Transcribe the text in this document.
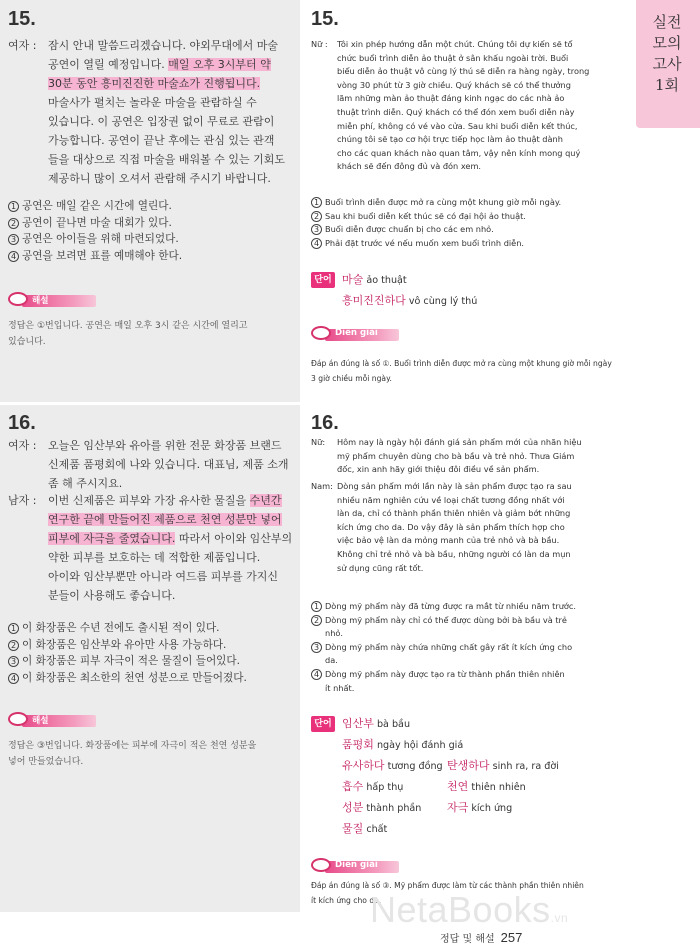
실전
모의
고사
1회
15.
여자 : 잠시 안내 말씀드리겠습니다. 야외무대에서 마술
공연이 열릴 예정입니다. 매일 오후 3시부터 약
30분 동안 흥미진진한 마술쇼가 진행됩니다.
마술사가 펼치는 놀라운 마술을 관람하실 수
있습니다. 이 공연은 입장권 없이 무료로 관람이
가능합니다. 공연이 끝난 후에는 관심 있는 관객
들을 대상으로 직접 마술을 배워볼 수 있는 기회도
제공하니 많이 오셔서 관람해 주시기 바랍니다.
1 공연은 매일 같은 시간에 열린다.
2 공연이 끝나면 마술 대회가 있다.
3 공연은 아이들을 위해 마련되었다.
4 공연을 보려면 표를 예매해야 한다.
해설
정답은 ①번입니다. 공연은 매일 오후 3시 같은 시간에 열리고
있습니다.
15.
Nữ : Tôi xin phép hướng dẫn một chút. Chúng tôi dự kiến sẽ tổ
chức buổi trình diễn ảo thuật ở sân khấu ngoài trời. Buổi
biểu diễn ảo thuật vô cùng lý thú sẽ diễn ra hàng ngày, trong
vòng 30 phút từ 3 giờ chiều. Quý khách sẽ có thể thưởng
lãm những màn ảo thuật đáng kinh ngạc do các nhà ảo
thuật trình diễn. Quý khách có thể đón xem buổi diễn này
miễn phí, không có vé vào cửa. Sau khi buổi diễn kết thúc,
chúng tôi sẽ tạo cơ hội trực tiếp học làm ảo thuật dành
cho các quan khách nào quan tâm, vậy nên kính mong quý
khách sẽ đến đông đủ và đón xem.
1 Buổi trình diễn được mở ra cùng một khung giờ mỗi ngày.
2 Sau khi buổi diễn kết thúc sẽ có đại hội ảo thuật.
3 Buổi diễn được chuẩn bị cho các em nhỏ.
4 Phải đặt trước vé nếu muốn xem buổi trình diễn.
단어 마술 ảo thuật
흥미진진하다 vô cùng lý thú
Diễn giải
Đáp án đúng là số ①. Buổi trình diễn được mở ra cùng một khung giờ mỗi ngày
3 giờ chiều mỗi ngày.
16.
여자 : 오늘은 임산부와 유아를 위한 전문 화장품 브랜드
신제품 품평회에 나와 있습니다. 대표님, 제품 소개
좀 해 주시지요.
남자 : 이번 신제품은 피부와 가장 유사한 물질을 수년간
연구한 끝에 만들어진 제품으로 천연 성분만 넣어
피부에 자극을 줄였습니다. 따라서 아이와 임산부의
약한 피부를 보호하는 데 적합한 제품입니다.
아이와 임산부뿐만 아니라 여드름 피부를 가지신
분들이 사용해도 좋습니다.
1 이 화장품은 수년 전에도 출시된 적이 있다.
2 이 화장품은 임산부와 유아만 사용 가능하다.
3 이 화장품은 피부 자극이 적은 물질이 들어있다.
4 이 화장품은 최소한의 천연 성분으로 만들어졌다.
해설
정답은 ③번입니다. 화장품에는 피부에 자극이 적은 천연 성분을
넣어 만들었습니다.
16.
Nữ: Hôm nay là ngày hội đánh giá sản phẩm mới của nhãn hiệu
mỹ phẩm chuyên dùng cho bà bầu và trẻ nhỏ. Thưa Giám
đốc, xin anh hãy giới thiệu đôi điều về sản phẩm.
Nam: Dòng sản phẩm mới lần này là sản phẩm được tạo ra sau
nhiều năm nghiên cứu về loại chất tương đồng nhất với
làn da, chỉ có thành phần thiên nhiên và giảm bớt những
kích ứng cho da. Do vậy đây là sản phẩm thích hợp cho
việc bảo vệ làn da mỏng manh của trẻ nhỏ và bà bầu.
Không chỉ trẻ nhỏ và bà bầu, những người có làn da mụn
sử dụng cũng rất tốt.
1 Dòng mỹ phẩm này đã từng được ra mắt từ nhiều năm trước.
2 Dòng mỹ phẩm này chỉ có thể được dùng bởi bà bầu và trẻ
nhỏ.
3 Dòng mỹ phẩm này chứa những chất gây rất ít kích ứng cho
da.
4 Dòng mỹ phẩm này được tạo ra từ thành phần thiên nhiên
ít nhất.
단어 임산부 bà bầu
품평회 ngày hội đánh giá
유사하다 tương đồng 탄생하다 sinh ra, ra đời
흡수 hấp thụ	천연 thiên nhiên
성분 thành phần 자극 kích ứng
물질 chất
Diễn giải
Đáp án đúng là số ③. Mỹ phẩm được làm từ các thành phần thiên nhiên
ít kích ứng cho da.
NetaBooks.vn
정답 및 해설 257
